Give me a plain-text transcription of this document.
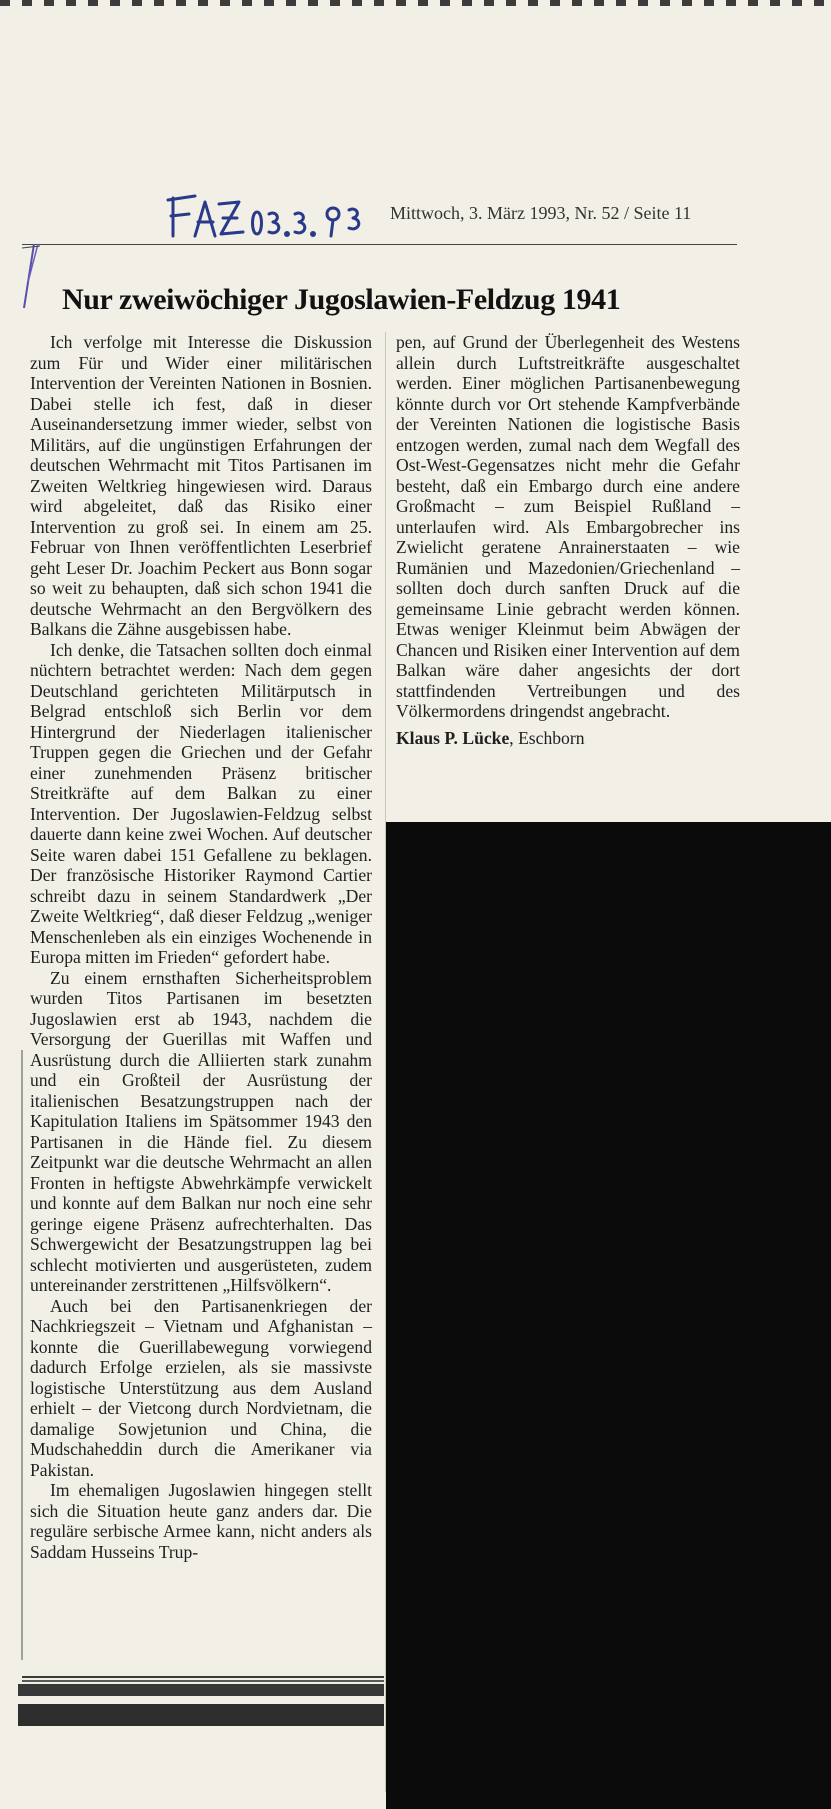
FAZ 03.3.93
Mittwoch, 3. März 1993, Nr. 52 / Seite 11
Nur zweiwöchiger Jugoslawien-Feldzug 1941

Ich verfolge mit Interesse die Diskussion zum Für und Wider einer militärischen Intervention der Vereinten Nationen in Bosnien. Dabei stelle ich fest, daß in dieser Auseinandersetzung immer wieder, selbst von Militärs, auf die ungünstigen Erfahrungen der deutschen Wehrmacht mit Titos Partisanen im Zweiten Weltkrieg hingewiesen wird. Daraus wird abgeleitet, daß das Risiko einer Intervention zu groß sei. In einem am 25. Februar von Ihnen veröffentlichten Leserbrief geht Leser Dr. Joachim Peckert aus Bonn sogar so weit zu behaupten, daß sich schon 1941 die deutsche Wehrmacht an den Bergvölkern des Balkans die Zähne ausgebissen habe.

Ich denke, die Tatsachen sollten doch einmal nüchtern betrachtet werden: Nach dem gegen Deutschland gerichteten Militärputsch in Belgrad entschloß sich Berlin vor dem Hintergrund der Niederlagen italienischer Truppen gegen die Griechen und der Gefahr einer zunehmenden Präsenz britischer Streitkräfte auf dem Balkan zu einer Intervention. Der Jugoslawien-Feldzug selbst dauerte dann keine zwei Wochen. Auf deutscher Seite waren dabei 151 Gefallene zu beklagen. Der französische Historiker Raymond Cartier schreibt dazu in seinem Standardwerk „Der Zweite Weltkrieg“, daß dieser Feldzug „weniger Menschenleben als ein einziges Wochenende in Europa mitten im Frieden“ gefordert habe.

Zu einem ernsthaften Sicherheitsproblem wurden Titos Partisanen im besetzten Jugoslawien erst ab 1943, nachdem die Versorgung der Guerillas mit Waffen und Ausrüstung durch die Alliierten stark zunahm und ein Großteil der Ausrüstung der italienischen Besatzungstruppen nach der Kapitulation Italiens im Spätsommer 1943 den Partisanen in die Hände fiel. Zu diesem Zeitpunkt war die deutsche Wehrmacht an allen Fronten in heftigste Abwehrkämpfe verwickelt und konnte auf dem Balkan nur noch eine sehr geringe eigene Präsenz aufrechterhalten. Das Schwergewicht der Besatzungstruppen lag bei schlecht motivierten und ausgerüsteten, zudem untereinander zerstrittenen „Hilfsvölkern“.

Auch bei den Partisanenkriegen der Nachkriegszeit – Vietnam und Afghanistan – konnte die Guerillabewegung vorwiegend dadurch Erfolge erzielen, als sie massivste logistische Unterstützung aus dem Ausland erhielt – der Vietcong durch Nordvietnam, die damalige Sowjetunion und China, die Mudschaheddin durch die Amerikaner via Pakistan.

Im ehemaligen Jugoslawien hingegen stellt sich die Situation heute ganz anders dar. Die reguläre serbische Armee kann, nicht anders als Saddam Husseins Trup-

pen, auf Grund der Überlegenheit des Westens allein durch Luftstreitkräfte ausgeschaltet werden. Einer möglichen Partisanenbewegung könnte durch vor Ort stehende Kampfverbände der Vereinten Nationen die logistische Basis entzogen werden, zumal nach dem Wegfall des Ost-West-Gegensatzes nicht mehr die Gefahr besteht, daß ein Embargo durch eine andere Großmacht – zum Beispiel Rußland – unterlaufen wird. Als Embargobrecher ins Zwielicht geratene Anrainerstaaten – wie Rumänien und Mazedonien/Griechenland – sollten doch durch sanften Druck auf die gemeinsame Linie gebracht werden können. Etwas weniger Kleinmut beim Abwägen der Chancen und Risiken einer Intervention auf dem Balkan wäre daher angesichts der dort stattfindenden Vertreibungen und des Völkermordens dringendst angebracht.

Klaus P. Lücke, Eschborn
